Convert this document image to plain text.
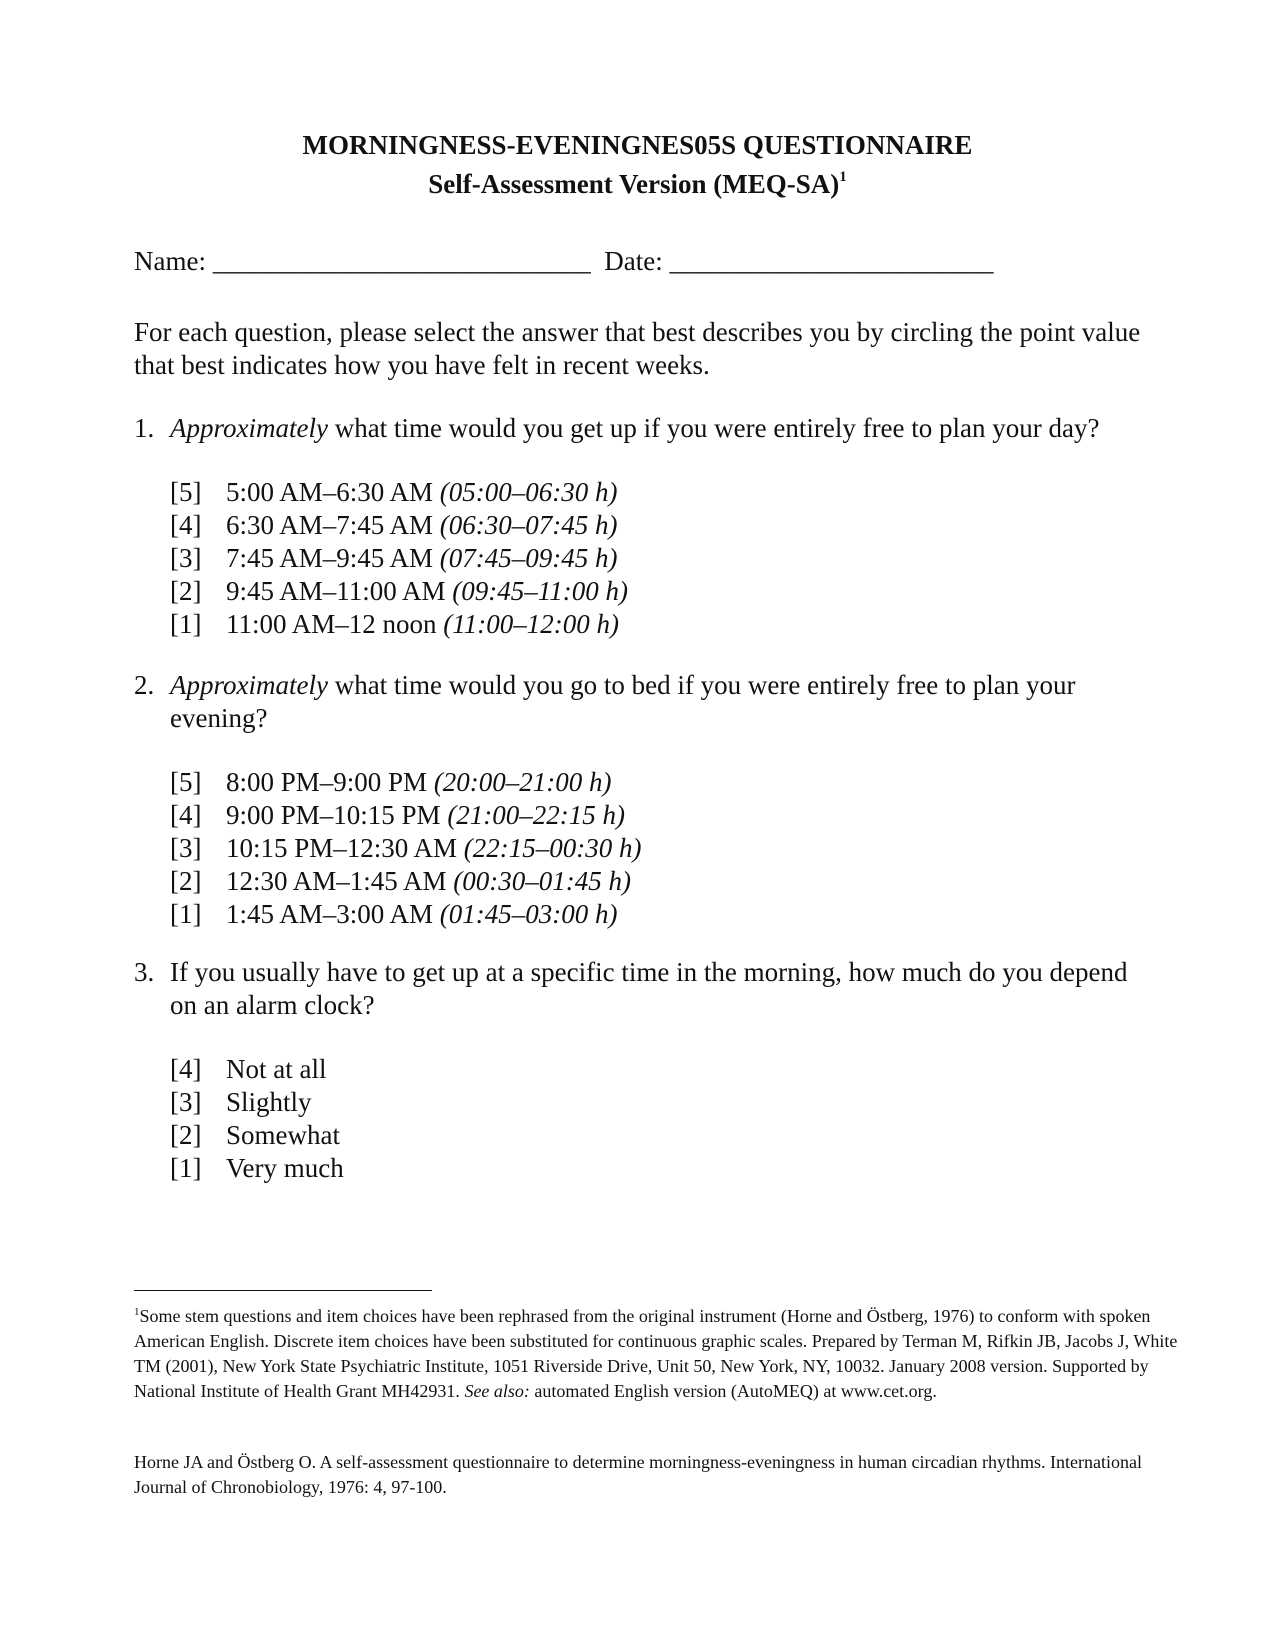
MORNINGNESS-EVENINGNES05S QUESTIONNAIRE
Self-Assessment Version $(MEQ-SA)^1$
Name: ____________________________ Date: ________________________
For each question, please select the answer that best describes you by circling the point value that best indicates how you have felt in recent weeks.
1. Approximately what time would you get up if you were entirely free to plan your day?
[5] 5:00 AM–6:30 AM (05:00–06:30 h)
[4] 6:30 AM–7:45 AM (06:30–07:45 h)
[3] 7:45 AM–9:45 AM (07:45–09:45 h)
[2] 9:45 AM–11:00 AM (09:45–11:00 h)
[1] 11:00 AM–12 noon (11:00–12:00 h)
2. Approximately what time would you go to bed if you were entirely free to plan your evening?
[5] 8:00 PM–9:00 PM (20:00–21:00 h)
[4] 9:00 PM–10:15 PM (21:00–22:15 h)
[3] 10:15 PM–12:30 AM (22:15–00:30 h)
[2] 12:30 AM–1:45 AM (00:30–01:45 h)
[1] 1:45 AM–3:00 AM (01:45–03:00 h)
3. If you usually have to get up at a specific time in the morning, how much do you depend on an alarm clock?
[4] Not at all
[3] Slightly
[2] Somewhat
[1] Very much
$^1$Some stem questions and item choices have been rephrased from the original instrument (Horne and Östberg, 1976) to conform with spoken American English. Discrete item choices have been substituted for continuous graphic scales. Prepared by Terman M, Rifkin JB, Jacobs J, White TM (2001), New York State Psychiatric Institute, 1051 Riverside Drive, Unit 50, New York, NY, 10032. January 2008 version. Supported by National Institute of Health Grant MH42931. See also: automated English version (AutoMEQ) at www.cet.org.
Horne JA and Östberg O. A self-assessment questionnaire to determine morningness-eveningness in human circadian rhythms. International Journal of Chronobiology, 1976: 4, 97-100.
